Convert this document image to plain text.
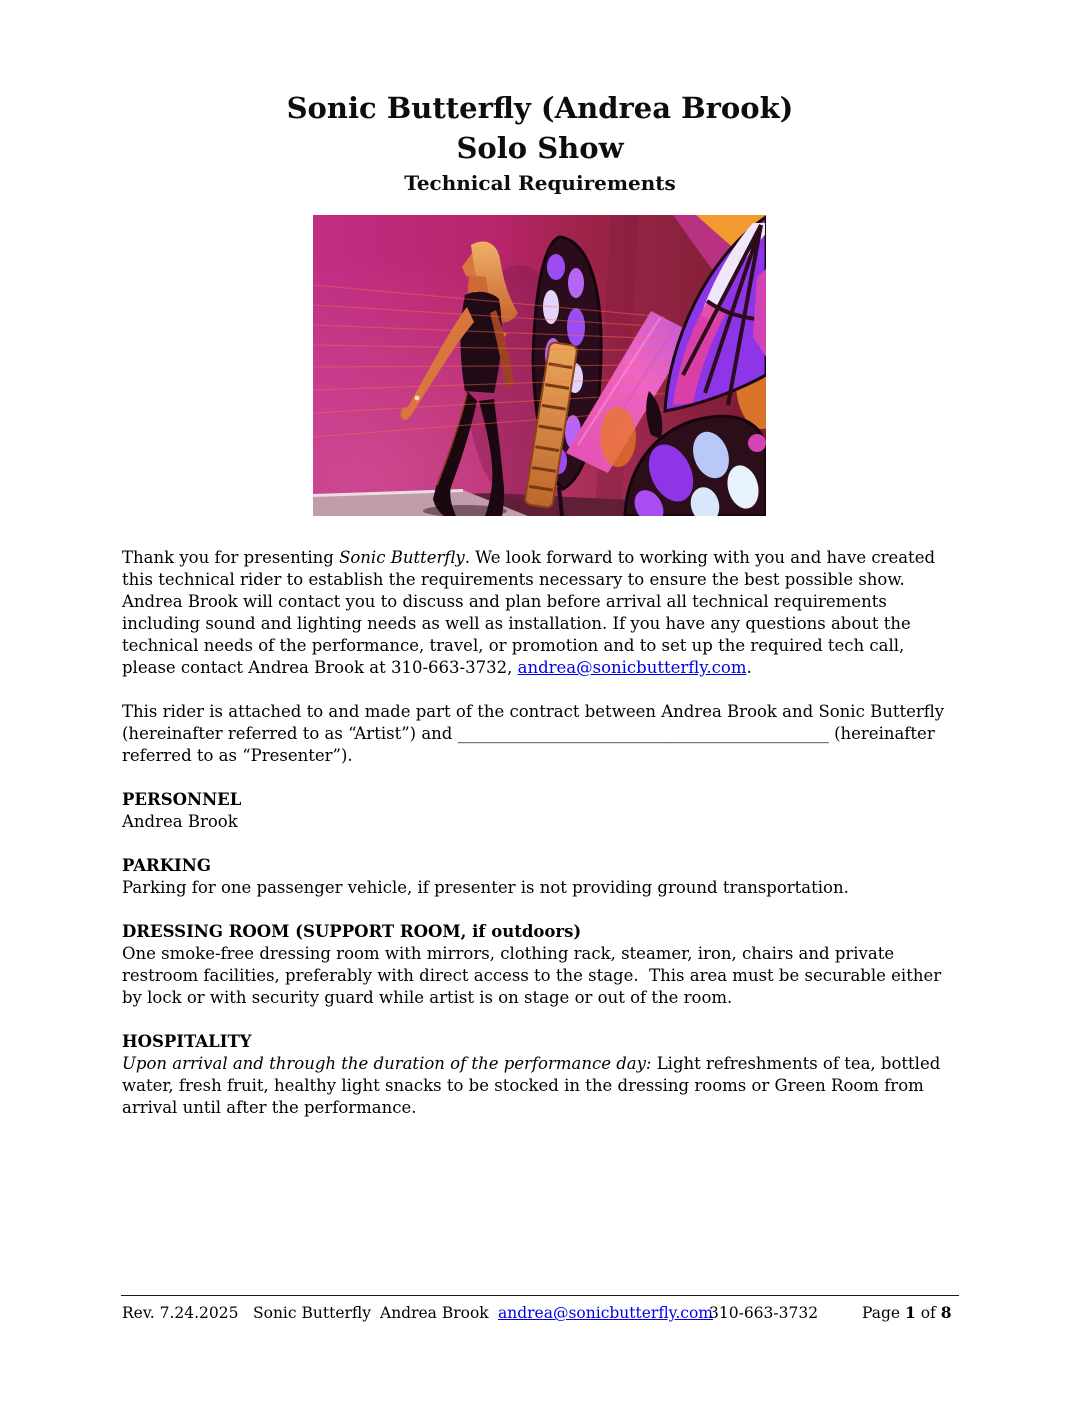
Sonic Butterfly (Andrea Brook)
Solo Show
Technical Requirements

Thank you for presenting Sonic Butterfly. We look forward to working with you and have created this technical rider to establish the requirements necessary to ensure the best possible show. Andrea Brook will contact you to discuss and plan before arrival all technical requirements including sound and lighting needs as well as installation. If you have any questions about the technical needs of the performance, travel, or promotion and to set up the required tech call, please contact Andrea Brook at 310-663-3732, andrea@sonicbutterfly.com.

This rider is attached to and made part of the contract between Andrea Brook and Sonic Butterfly (hereinafter referred to as “Artist”) and _____________________________________________ (hereinafter referred to as “Presenter”).

PERSONNEL

Andrea Brook

PARKING

Parking for one passenger vehicle, if presenter is not providing ground transportation.

DRESSING ROOM (SUPPORT ROOM, if outdoors)

One smoke-free dressing room with mirrors, clothing rack, steamer, iron, chairs and private restroom facilities, preferably with direct access to the stage.  This area must be securable either by lock or with security guard while artist is on stage or out of the room.

HOSPITALITY

Upon arrival and through the duration of the performance day: Light refreshments of tea, bottled water, fresh fruit, healthy light snacks to be stocked in the dressing rooms or Green Room from arrival until after the performance.

Rev. 7.24.2025 Sonic Butterfly Andrea Brook andrea@sonicbutterfly.com
310-663-3732	Page 1 of 8
